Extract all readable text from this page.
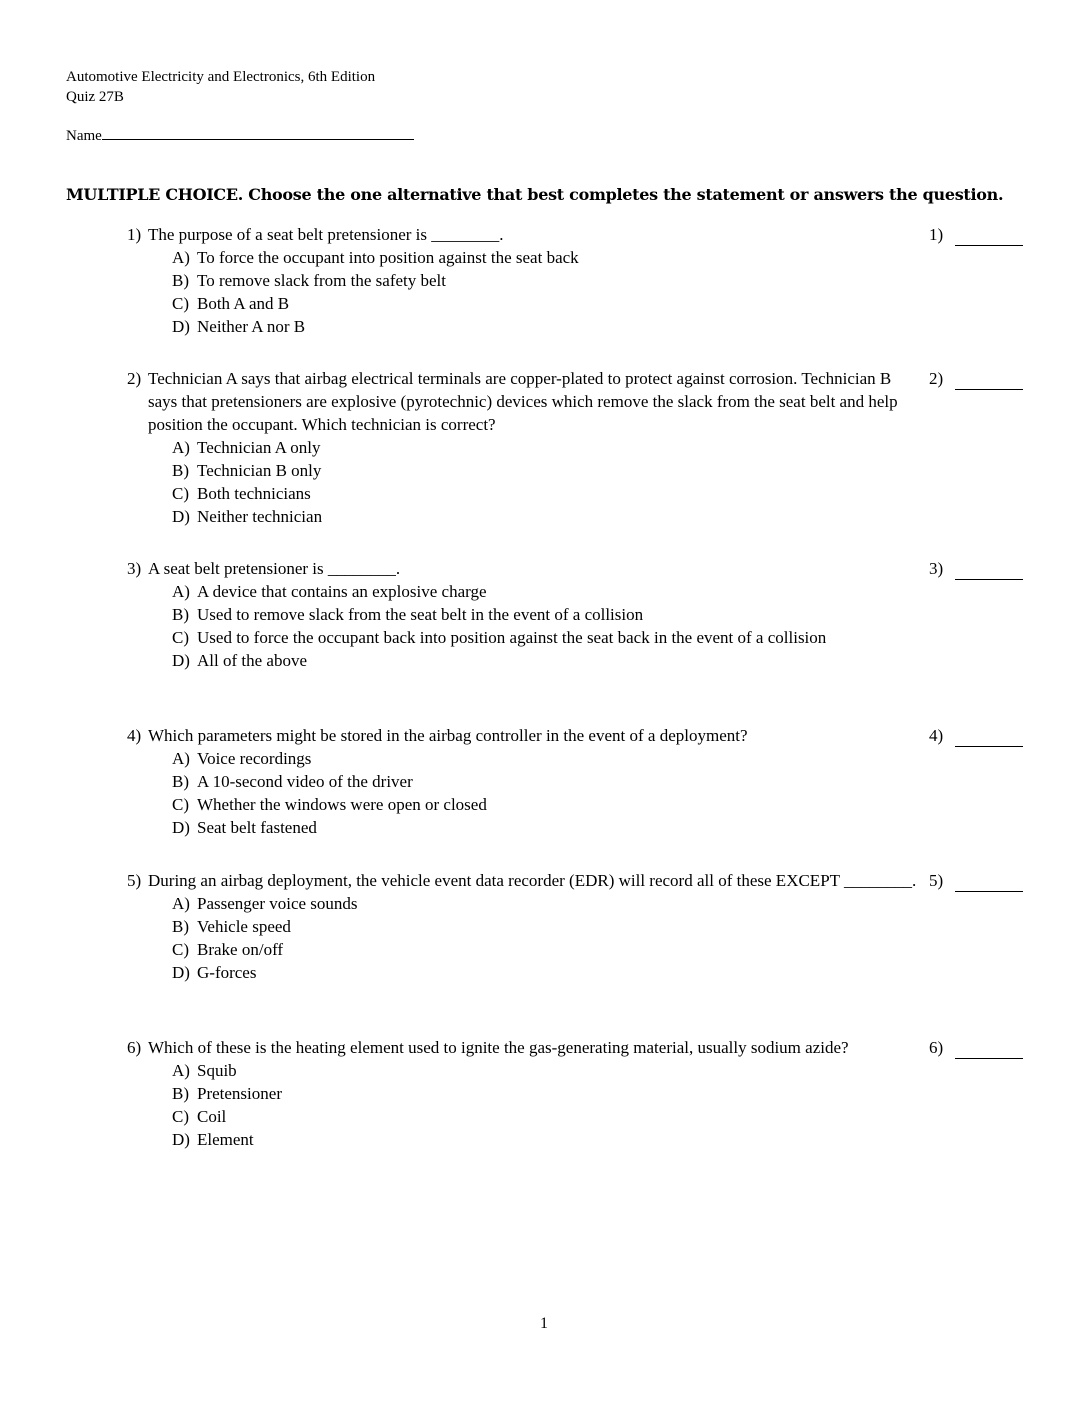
Automotive Electricity and Electronics, 6th Edition
Quiz 27B
Name
MULTIPLE CHOICE. Choose the one alternative that best completes the statement or answers the question.
1) The purpose of a seat belt pretensioner is ________.
A) To force the occupant into position against the seat back
B) To remove slack from the safety belt
C) Both A and B
D) Neither A nor B
1)
2) Technician A says that airbag electrical terminals are copper-plated to protect against corrosion. Technician B says that pretensioners are explosive (pyrotechnic) devices which remove the slack from the seat belt and help position the occupant. Which technician is correct?
A) Technician A only
B) Technician B only
C) Both technicians
D) Neither technician
2)
3) A seat belt pretensioner is ________.
A) A device that contains an explosive charge
B) Used to remove slack from the seat belt in the event of a collision
C) Used to force the occupant back into position against the seat back in the event of a collision
D) All of the above
3)
4) Which parameters might be stored in the airbag controller in the event of a deployment?
A) Voice recordings
B) A 10-second video of the driver
C) Whether the windows were open or closed
D) Seat belt fastened
4)
5) During an airbag deployment, the vehicle event data recorder (EDR) will record all of these EXCEPT ________.
A) Passenger voice sounds
B) Vehicle speed
C) Brake on/off
D) G-forces
5)
6) Which of these is the heating element used to ignite the gas-generating material, usually sodium azide?
A) Squib
B) Pretensioner
C) Coil
D) Element
6)
1
